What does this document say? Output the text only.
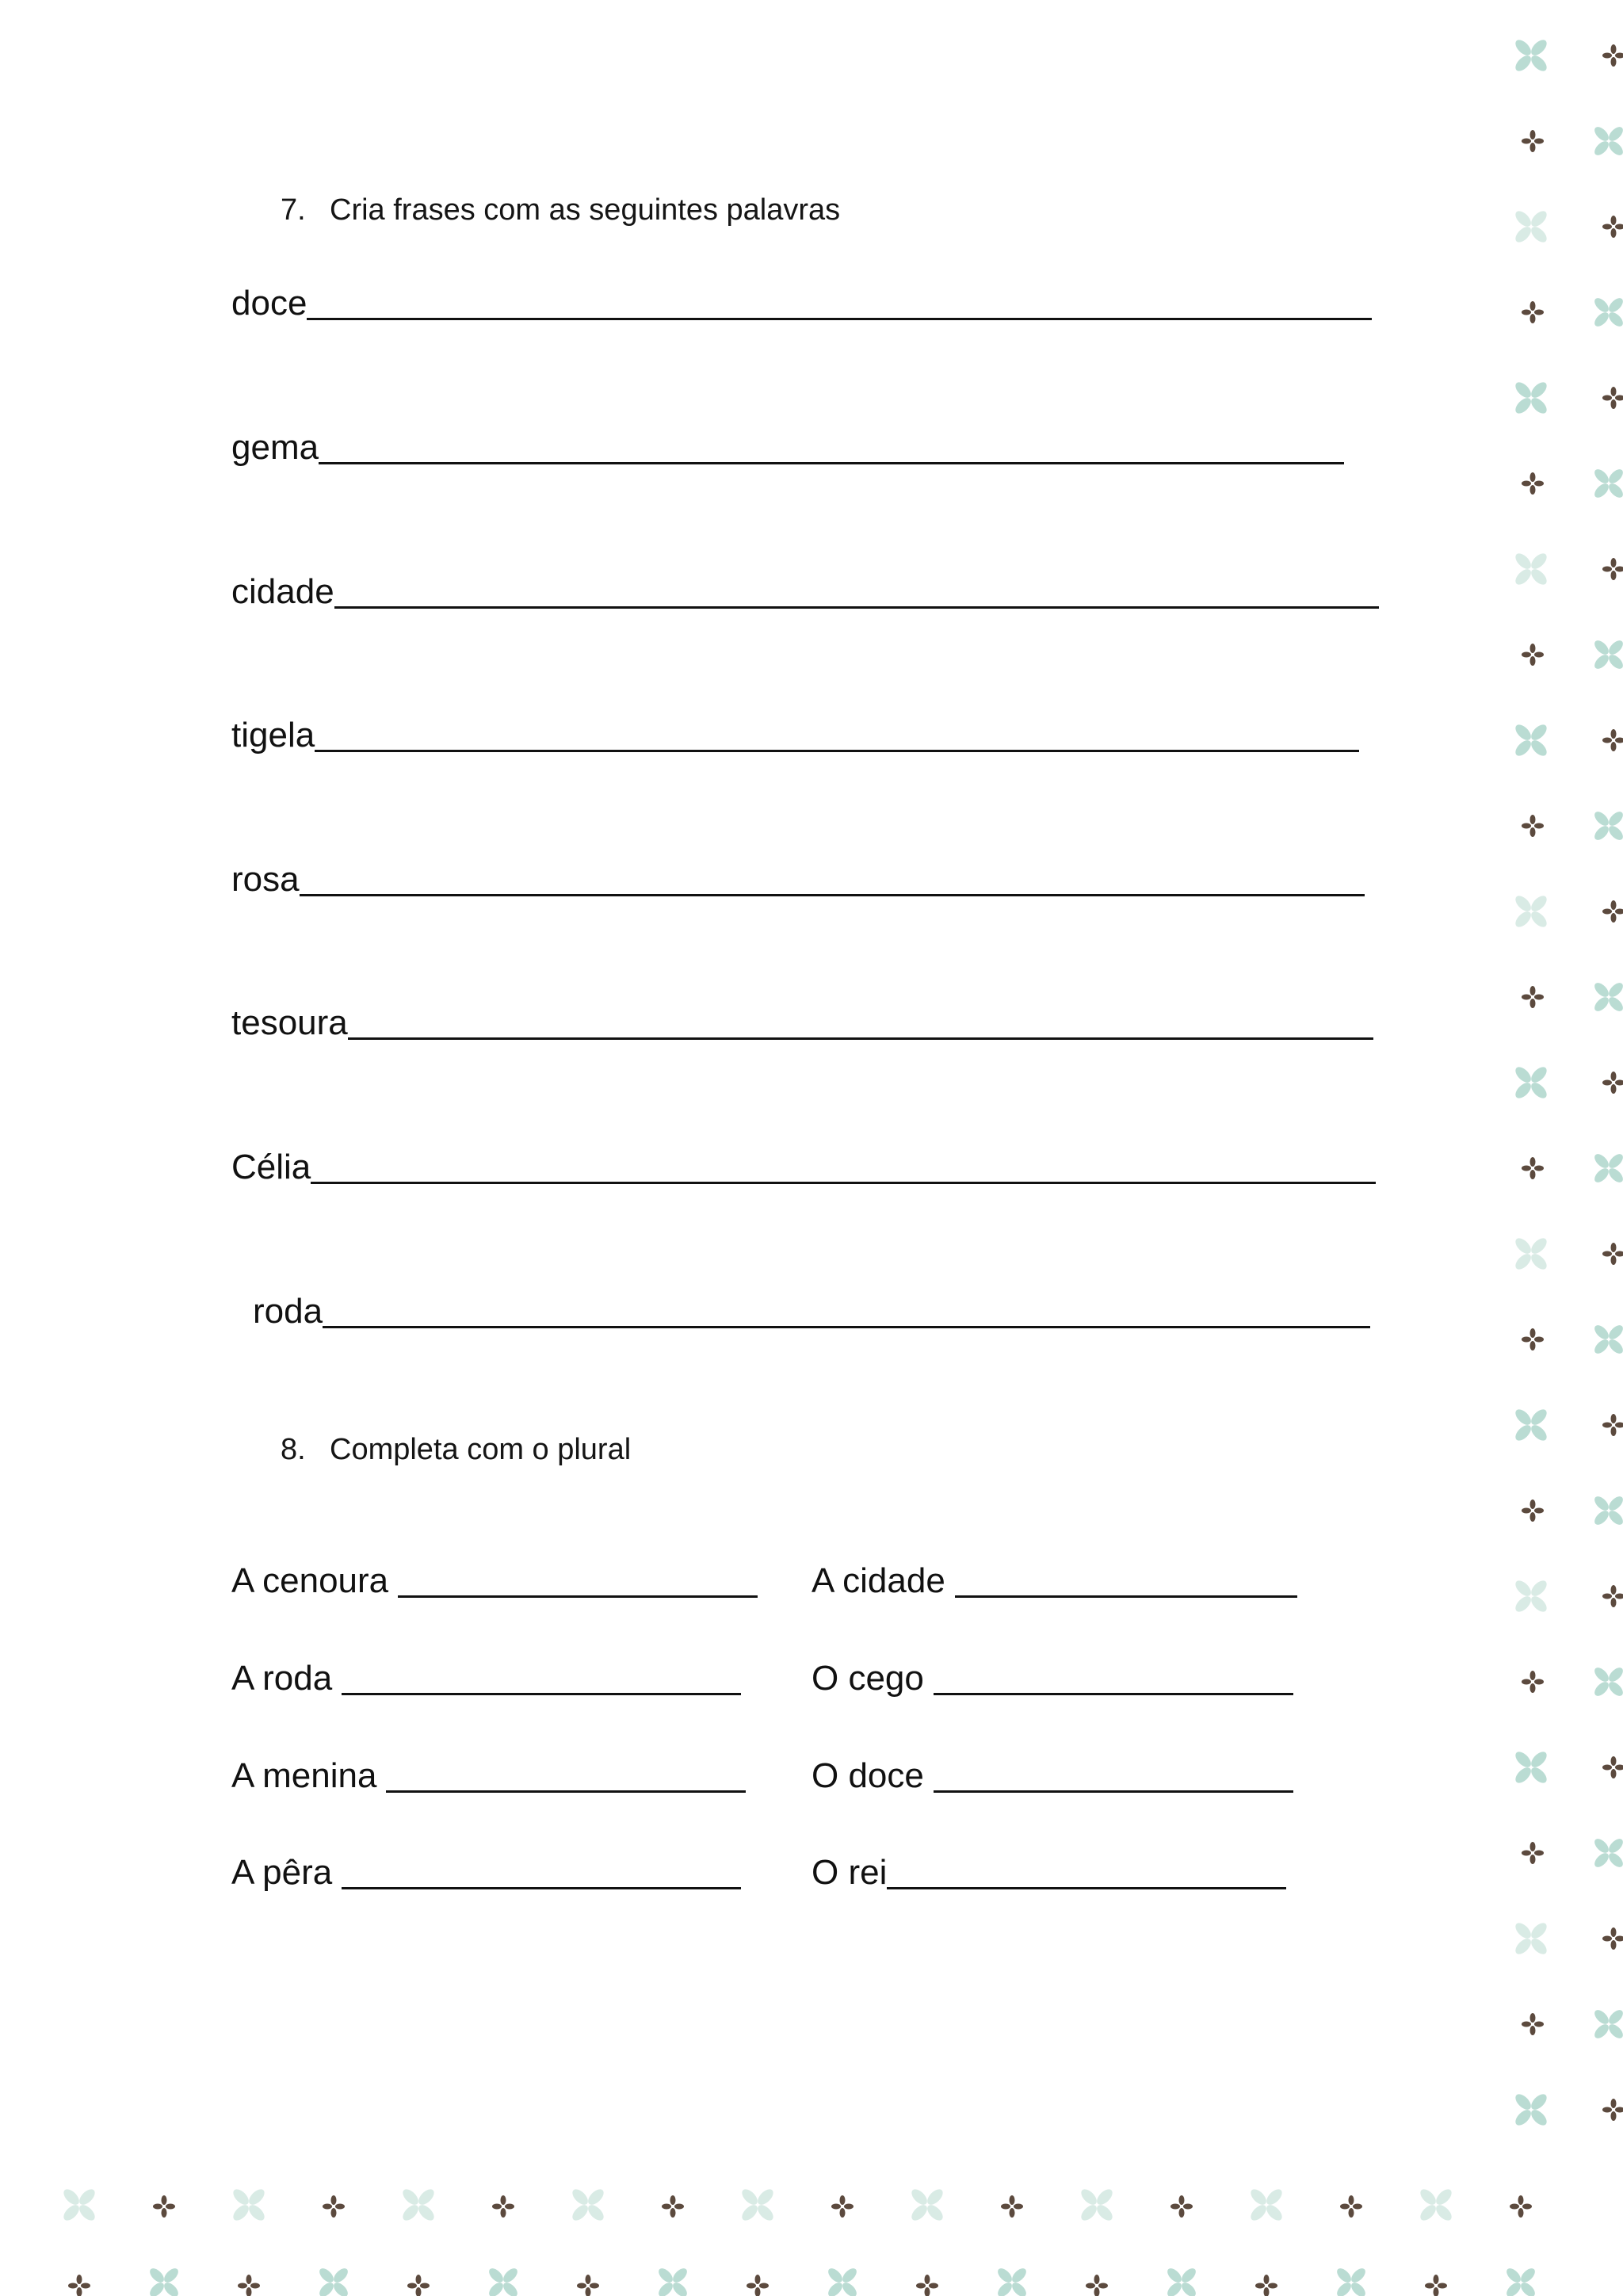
7. Cria frases com as seguintes palavras
doce
gema
cidade
tigela
rosa
tesoura
Célia
roda
8. Completa com o plural
A cenoura
A roda
A menina
A pêra
A cidade
O cego
O doce
O rei
